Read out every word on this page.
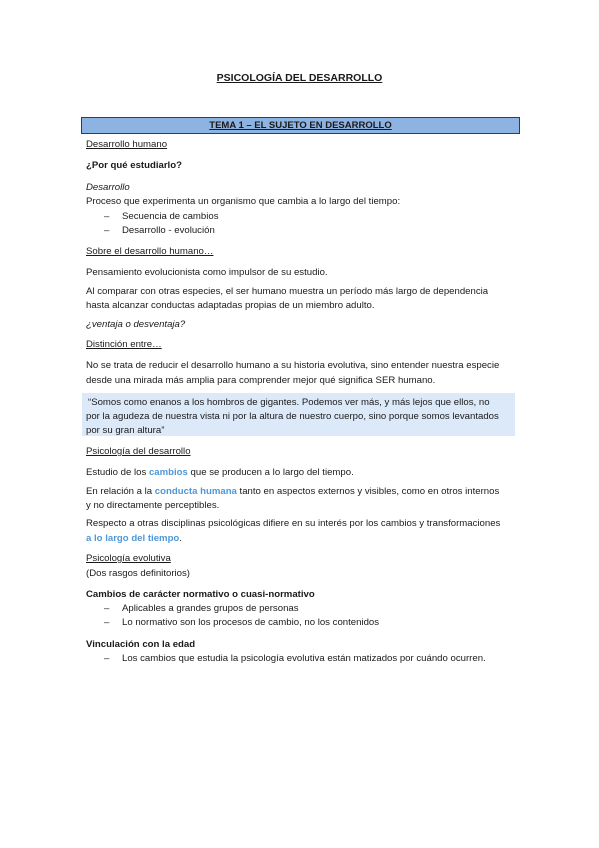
PSICOLOGÍA DEL DESARROLLO
TEMA 1 – EL SUJETO EN DESARROLLO
Desarrollo humano
¿Por qué estudiarlo?
Desarrollo
Proceso que experimenta un organismo que cambia a lo largo del tiempo:
– Secuencia de cambios
– Desarrollo - evolución
Sobre el desarrollo humano…
Pensamiento evolucionista como impulsor de su estudio.
Al comparar con otras especies, el ser humano muestra un período más largo de dependencia
hasta alcanzar conductas adaptadas propias de un miembro adulto.
¿ventaja o desventaja?
Distinción entre…
No se trata de reducir el desarrollo humano a su historia evolutiva, sino entender nuestra especie
desde una mirada más amplia para comprender mejor qué significa SER humano.
“Somos como enanos a los hombros de gigantes. Podemos ver más, y más lejos que ellos, no
por la agudeza de nuestra vista ni por la altura de nuestro cuerpo, sino porque somos levantados
por su gran altura”
Psicología del desarrollo
Estudio de los cambios que se producen a lo largo del tiempo.
En relación a la conducta humana tanto en aspectos externos y visibles, como en otros internos
y no directamente perceptibles.
Respecto a otras disciplinas psicológicas difiere en su interés por los cambios y transformaciones
a lo largo del tiempo.
Psicología evolutiva
(Dos rasgos definitorios)
Cambios de carácter normativo o cuasi-normativo
– Aplicables a grandes grupos de personas
– Lo normativo son los procesos de cambio, no los contenidos
Vinculación con la edad
– Los cambios que estudia la psicología evolutiva están matizados por cuándo ocurren.
